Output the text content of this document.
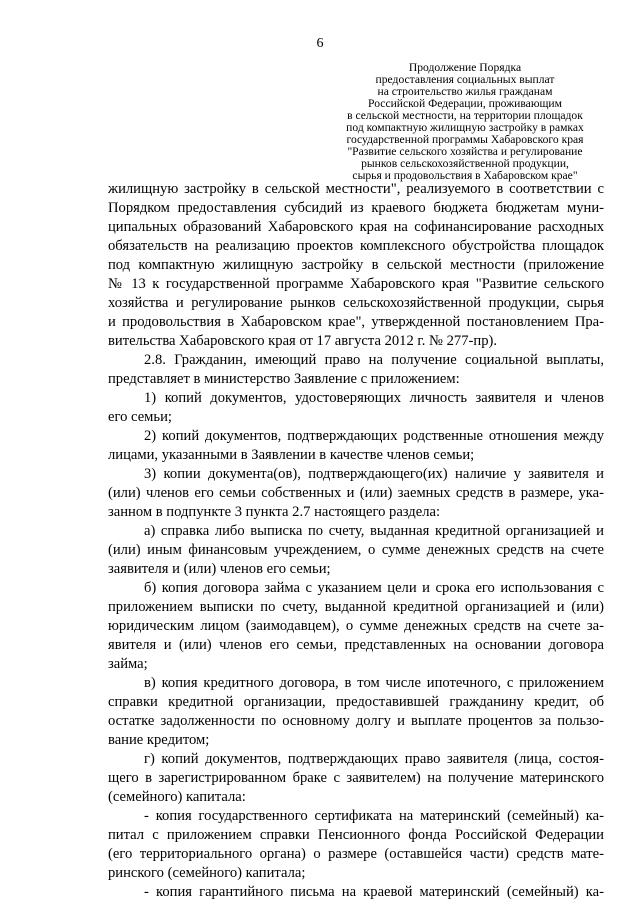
6
Продолжение Порядка
предоставления социальных выплат
на строительство жилья гражданам
Российской Федерации, проживающим
в сельской местности, на территории площадок
под компактную жилищную застройку в рамках
государственной программы Хабаровского края
"Развитие сельского хозяйства и регулирование
рынков сельскохозяйственной продукции,
сырья и продовольствия в Хабаровском крае"
жилищную застройку в сельской местности", реализуемого в соответствии с
Порядком предоставления субсидий из краевого бюджета бюджетам муни-
ципальных образований Хабаровского края на софинансирование расходных
обязательств на реализацию проектов комплексного обустройства площадок
под компактную жилищную застройку в сельской местности (приложение
№ 13 к государственной программе Хабаровского края "Развитие сельского
хозяйства и регулирование рынков сельскохозяйственной продукции, сырья
и продовольствия в Хабаровском крае", утвержденной постановлением Пра-
вительства Хабаровского края от 17 августа 2012 г. № 277-пр).
2.8. Гражданин, имеющий право на получение социальной выплаты,
представляет в министерство Заявление с приложением:
1) копий документов, удостоверяющих личность заявителя и членов
его семьи;
2) копий документов, подтверждающих родственные отношения между
лицами, указанными в Заявлении в качестве членов семьи;
3) копии документа(ов), подтверждающего(их) наличие у заявителя и
(или) членов его семьи собственных и (или) заемных средств в размере, ука-
занном в подпункте 3 пункта 2.7 настоящего раздела:
а) справка либо выписка по счету, выданная кредитной организацией и
(или) иным финансовым учреждением, о сумме денежных средств на счете
заявителя и (или) членов его семьи;
б) копия договора займа с указанием цели и срока его использования с
приложением выписки по счету, выданной кредитной организацией и (или)
юридическим лицом (заимодавцем), о сумме денежных средств на счете за-
явителя и (или) членов его семьи, представленных на основании договора
займа;
в) копия кредитного договора, в том числе ипотечного, с приложением
справки кредитной организации, предоставившей гражданину кредит, об
остатке задолженности по основному долгу и выплате процентов за пользо-
вание кредитом;
г) копий документов, подтверждающих право заявителя (лица, состоя-
щего в зарегистрированном браке с заявителем) на получение материнского
(семейного) капитала:
- копия государственного сертификата на материнский (семейный) ка-
питал с приложением справки Пенсионного фонда Российской Федерации
(его территориального органа) о размере (оставшейся части) средств мате-
ринского (семейного) капитала;
- копия гарантийного письма на краевой материнский (семейный) ка-
